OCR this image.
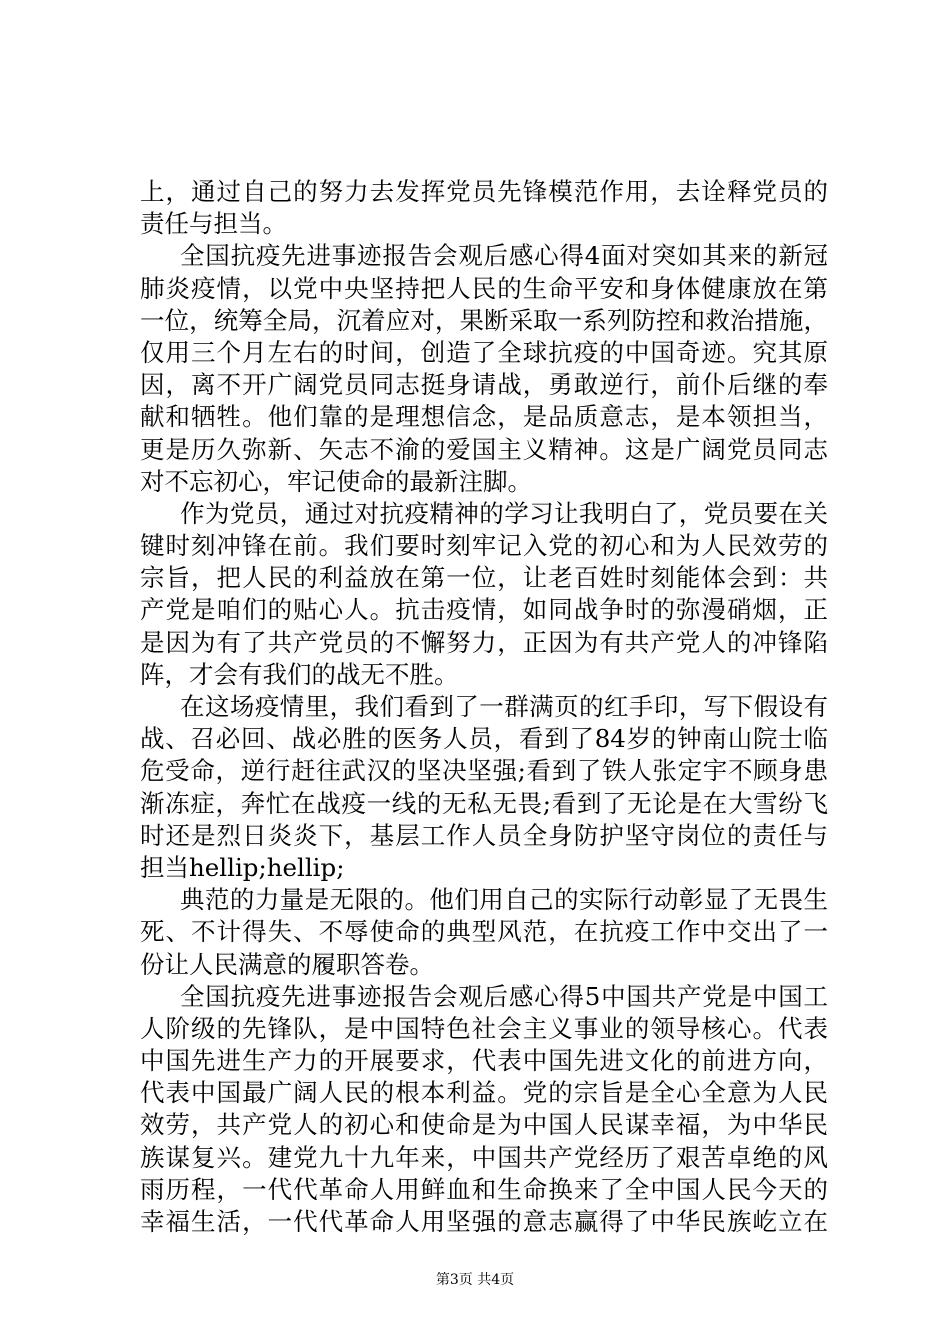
上，通过自己的努力去发挥党员先锋模范作用，去诠释党员的
责任与担当。
全国抗疫先进事迹报告会观后感心得4面对突如其来的新冠
肺炎疫情，以党中央坚持把人民的生命平安和身体健康放在第
一位，统筹全局，沉着应对，果断采取一系列防控和救治措施，
仅用三个月左右的时间，创造了全球抗疫的中国奇迹。究其原
因，离不开广阔党员同志挺身请战，勇敢逆行，前仆后继的奉
献和牺牲。他们靠的是理想信念，是品质意志，是本领担当，
更是历久弥新、矢志不渝的爱国主义精神。这是广阔党员同志
对不忘初心，牢记使命的最新注脚。
作为党员，通过对抗疫精神的学习让我明白了，党员要在关
键时刻冲锋在前。我们要时刻牢记入党的初心和为人民效劳的
宗旨，把人民的利益放在第一位，让老百姓时刻能体会到：共
产党是咱们的贴心人。抗击疫情，如同战争时的弥漫硝烟，正
是因为有了共产党员的不懈努力，正因为有共产党人的冲锋陷
阵，才会有我们的战无不胜。
在这场疫情里，我们看到了一群满页的红手印，写下假设有
战、召必回、战必胜的医务人员，看到了84岁的钟南山院士临
危受命，逆行赶往武汉的坚决坚强;看到了铁人张定宇不顾身患
渐冻症，奔忙在战疫一线的无私无畏;看到了无论是在大雪纷飞
时还是烈日炎炎下，基层工作人员全身防护坚守岗位的责任与
担当hellip;hellip;
典范的力量是无限的。他们用自己的实际行动彰显了无畏生
死、不计得失、不辱使命的典型风范，在抗疫工作中交出了一
份让人民满意的履职答卷。
全国抗疫先进事迹报告会观后感心得5中国共产党是中国工
人阶级的先锋队，是中国特色社会主义事业的领导核心。代表
中国先进生产力的开展要求，代表中国先进文化的前进方向，
代表中国最广阔人民的根本利益。党的宗旨是全心全意为人民
效劳，共产党人的初心和使命是为中国人民谋幸福，为中华民
族谋复兴。建党九十九年来，中国共产党经历了艰苦卓绝的风
雨历程，一代代革命人用鲜血和生命换来了全中国人民今天的
幸福生活，一代代革命人用坚强的意志赢得了中华民族屹立在
第3页 共4页
